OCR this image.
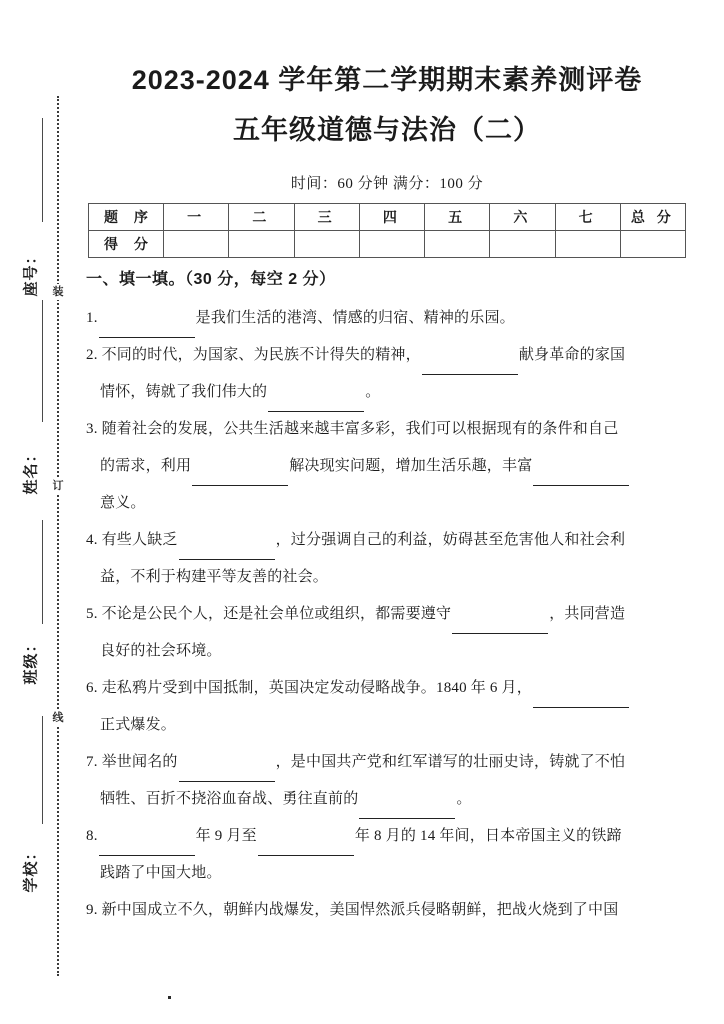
装
订
线
座号：
姓名：
班级：
学校：
2023-2024 学年第二学期期末素养测评卷
五年级道德与法治（二）
时间：60 分钟 满分：100 分
题 序	一	二	三	四	五	六	七	总 分
得 分								
一、填一填。（30 分，每空 2 分）
1.	是我们生活的港湾、情感的归宿、精神的乐园。
2. 不同的时代，为国家、为民族不计得失的精神，	献身革命的家国
情怀，铸就了我们伟大的	。
3. 随着社会的发展，公共生活越来越丰富多彩，我们可以根据现有的条件和自己
的需求，利用	解决现实问题，增加生活乐趣，丰富
意义。
4. 有些人缺乏	，过分强调自己的利益，妨碍甚至危害他人和社会利
益，不利于构建平等友善的社会。
5. 不论是公民个人，还是社会单位或组织，都需要遵守	，共同营造
良好的社会环境。
6. 走私鸦片受到中国抵制，英国决定发动侵略战争。1840 年 6 月，
正式爆发。
7. 举世闻名的	，是中国共产党和红军谱写的壮丽史诗，铸就了不怕
牺牲、百折不挠浴血奋战、勇往直前的	。
8.	年 9 月至	年 8 月的 14 年间，日本帝国主义的铁蹄
践踏了中国大地。
9. 新中国成立不久，朝鲜内战爆发，美国悍然派兵侵略朝鲜，把战火烧到了中国
